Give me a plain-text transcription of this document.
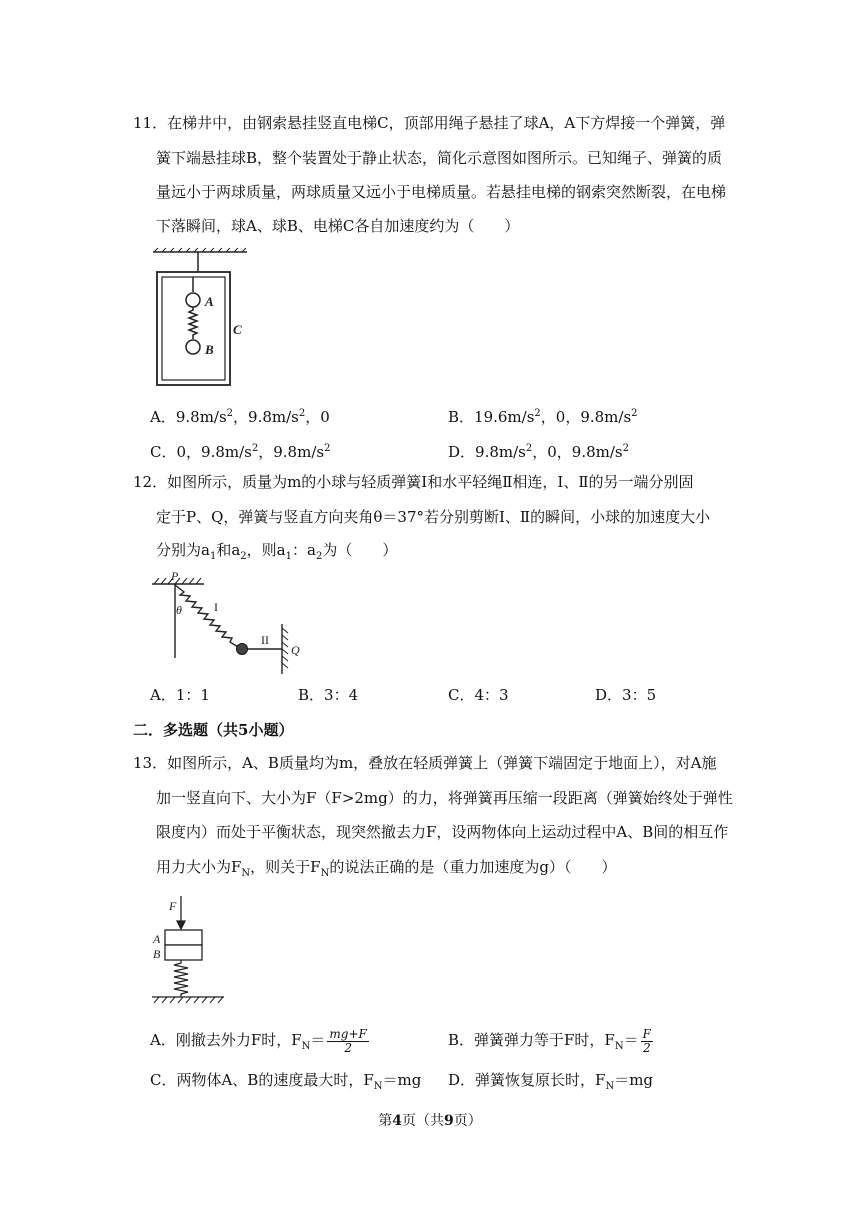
11．在梯井中，由钢索悬挂竖直电梯C，顶部用绳子悬挂了球A，A下方焊接一个弹簧，弹
簧下端悬挂球B，整个装置处于静止状态，简化示意图如图所示。已知绳子、弹簧的质
量远小于两球质量，两球质量又远小于电梯质量。若悬挂电梯的钢索突然断裂，在电梯
下落瞬间，球A、球B、电梯C各自加速度约为（　　）
A
B
C
A．$9.8m/s^2$，$9.8m/s^2$，0	B．$19.6m/s^2$，0，$9.8m/s^2$
C．0，$9.8m/s^2$，$9.8m/s^2$	D．$9.8m/s^2$，0，$9.8m/s^2$
12．如图所示，质量为m的小球与轻质弹簧Ⅰ和水平轻绳Ⅱ相连，Ⅰ、Ⅱ的另一端分别固
定于P、Q，弹簧与竖直方向夹角θ＝37°若分别剪断Ⅰ、Ⅱ的瞬间，小球的加速度大小
分别为$a_1$和$a_2$，则$a_1$：$a_2$为（　　）
P
θ	I
II
Q
A．1：1	B．3：4	C．4：3	D．3：5
二．多选题（共5小题）
13．如图所示，A、B质量均为m，叠放在轻质弹簧上（弹簧下端固定于地面上），对A施
加一竖直向下、大小为F（F>2mg）的力，将弹簧再压缩一段距离（弹簧始终处于弹性
限度内）而处于平衡状态，现突然撤去力F，设两物体向上运动过程中A、B间的相互作
用力大小为$F_N$，则关于$F_N$的说法正确的是（重力加速度为g）（　　）
F
A
B
A．刚撤去外力F时，$F_N= \frac{mg+F}{2}$	B．弹簧弹力等于F时，$F_N= \frac{F}{2}$
C．两物体A、B的速度最大时，$F_N=mg$ D．弹簧恢复原长时，$F_N=mg$
第4页（共9页）
